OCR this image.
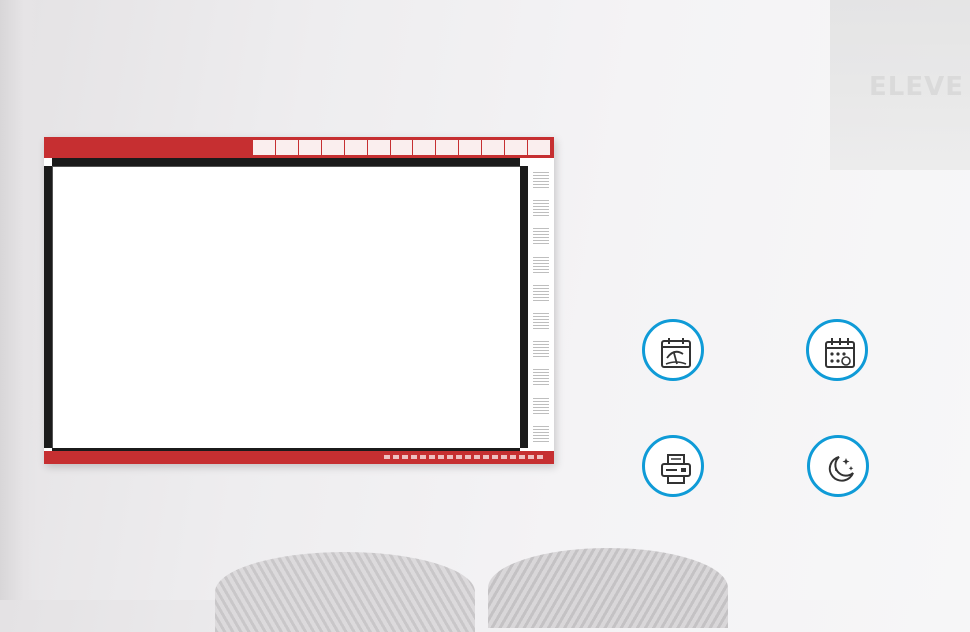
ELEVE
